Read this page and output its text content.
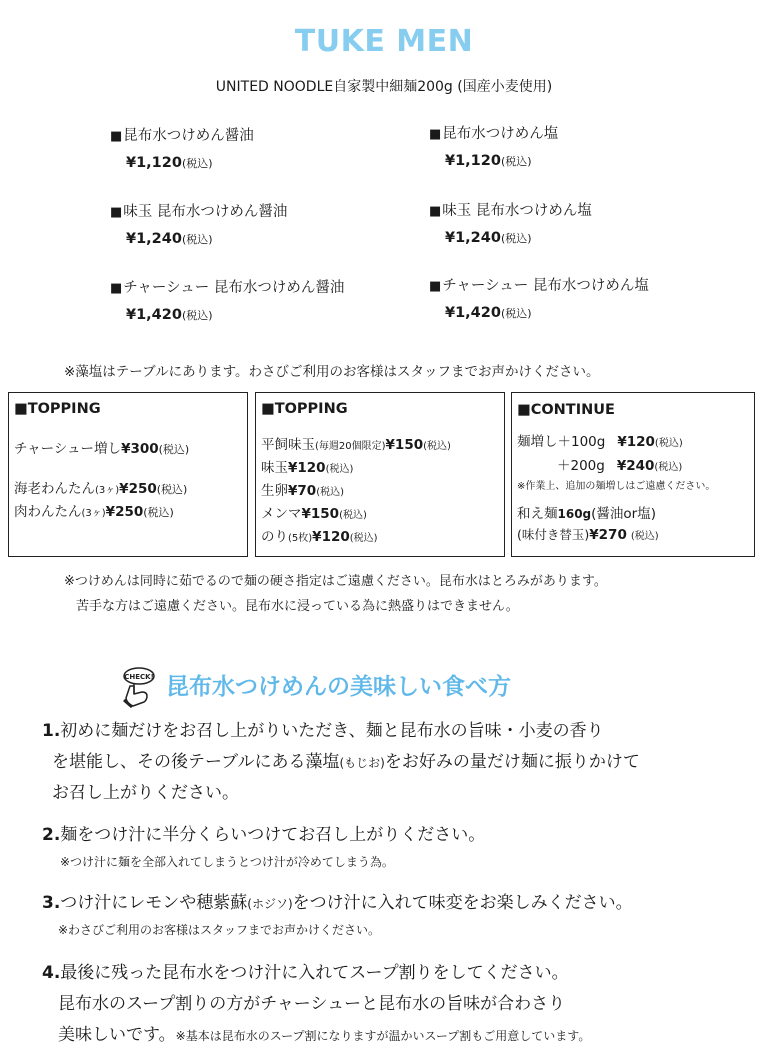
TUKE MEN
UNITED NOODLE自家製中細麺200g (国産小麦使用)
■昆布水つけめん醤油
¥1,120(税込)
■昆布水つけめん塩
¥1,120(税込)
■味玉 昆布水つけめん醤油
¥1,240(税込)
■味玉 昆布水つけめん塩
¥1,240(税込)
■チャーシュー 昆布水つけめん醤油
¥1,420(税込)
■チャーシュー 昆布水つけめん塩
¥1,420(税込)
※藻塩はテーブルにあります。わさびご利用のお客様はスタッフまでお声かけください。
■TOPPING
チャーシュー増し¥300(税込)
海老わんたん(3ヶ)¥250(税込)
肉わんたん(3ヶ)¥250(税込)
■TOPPING
平飼味玉(毎週20個限定)¥150(税込)
味玉¥120(税込)
生卵¥70(税込)
メンマ¥150(税込)
のり(5枚)¥120(税込)
■CONTINUE
麺増し＋100g ¥120(税込)
＋200g ¥240(税込)
※作業上、追加の麺増しはご遠慮ください。
和え麺160g(醤油or塩)
(味付き替玉)¥270 (税込)
※つけめんは同時に茹でるので麺の硬さ指定はご遠慮ください。昆布水はとろみがあります。
苦手な方はご遠慮ください。昆布水に浸っている為に熱盛りはできません。
CHECK! 昆布水つけめんの美味しい食べ方
1.初めに麺だけをお召し上がりいただき、麺と昆布水の旨味・小麦の香り
を堪能し、その後テーブルにある藻塩(もじお)をお好みの量だけ麺に振りかけて
お召し上がりください。
2.麺をつけ汁に半分くらいつけてお召し上がりください。
※つけ汁に麺を全部入れてしまうとつけ汁が冷めてしまう為。
3.つけ汁にレモンや穂紫蘇(ホジソ)をつけ汁に入れて味変をお楽しみください。
※わさびご利用のお客様はスタッフまでお声かけください。
4.最後に残った昆布水をつけ汁に入れてスープ割りをしてください。
昆布水のスープ割りの方がチャーシューと昆布水の旨味が合わさり
美味しいです。※基本は昆布水のスープ割になりますが温かいスープ割もご用意しています。
